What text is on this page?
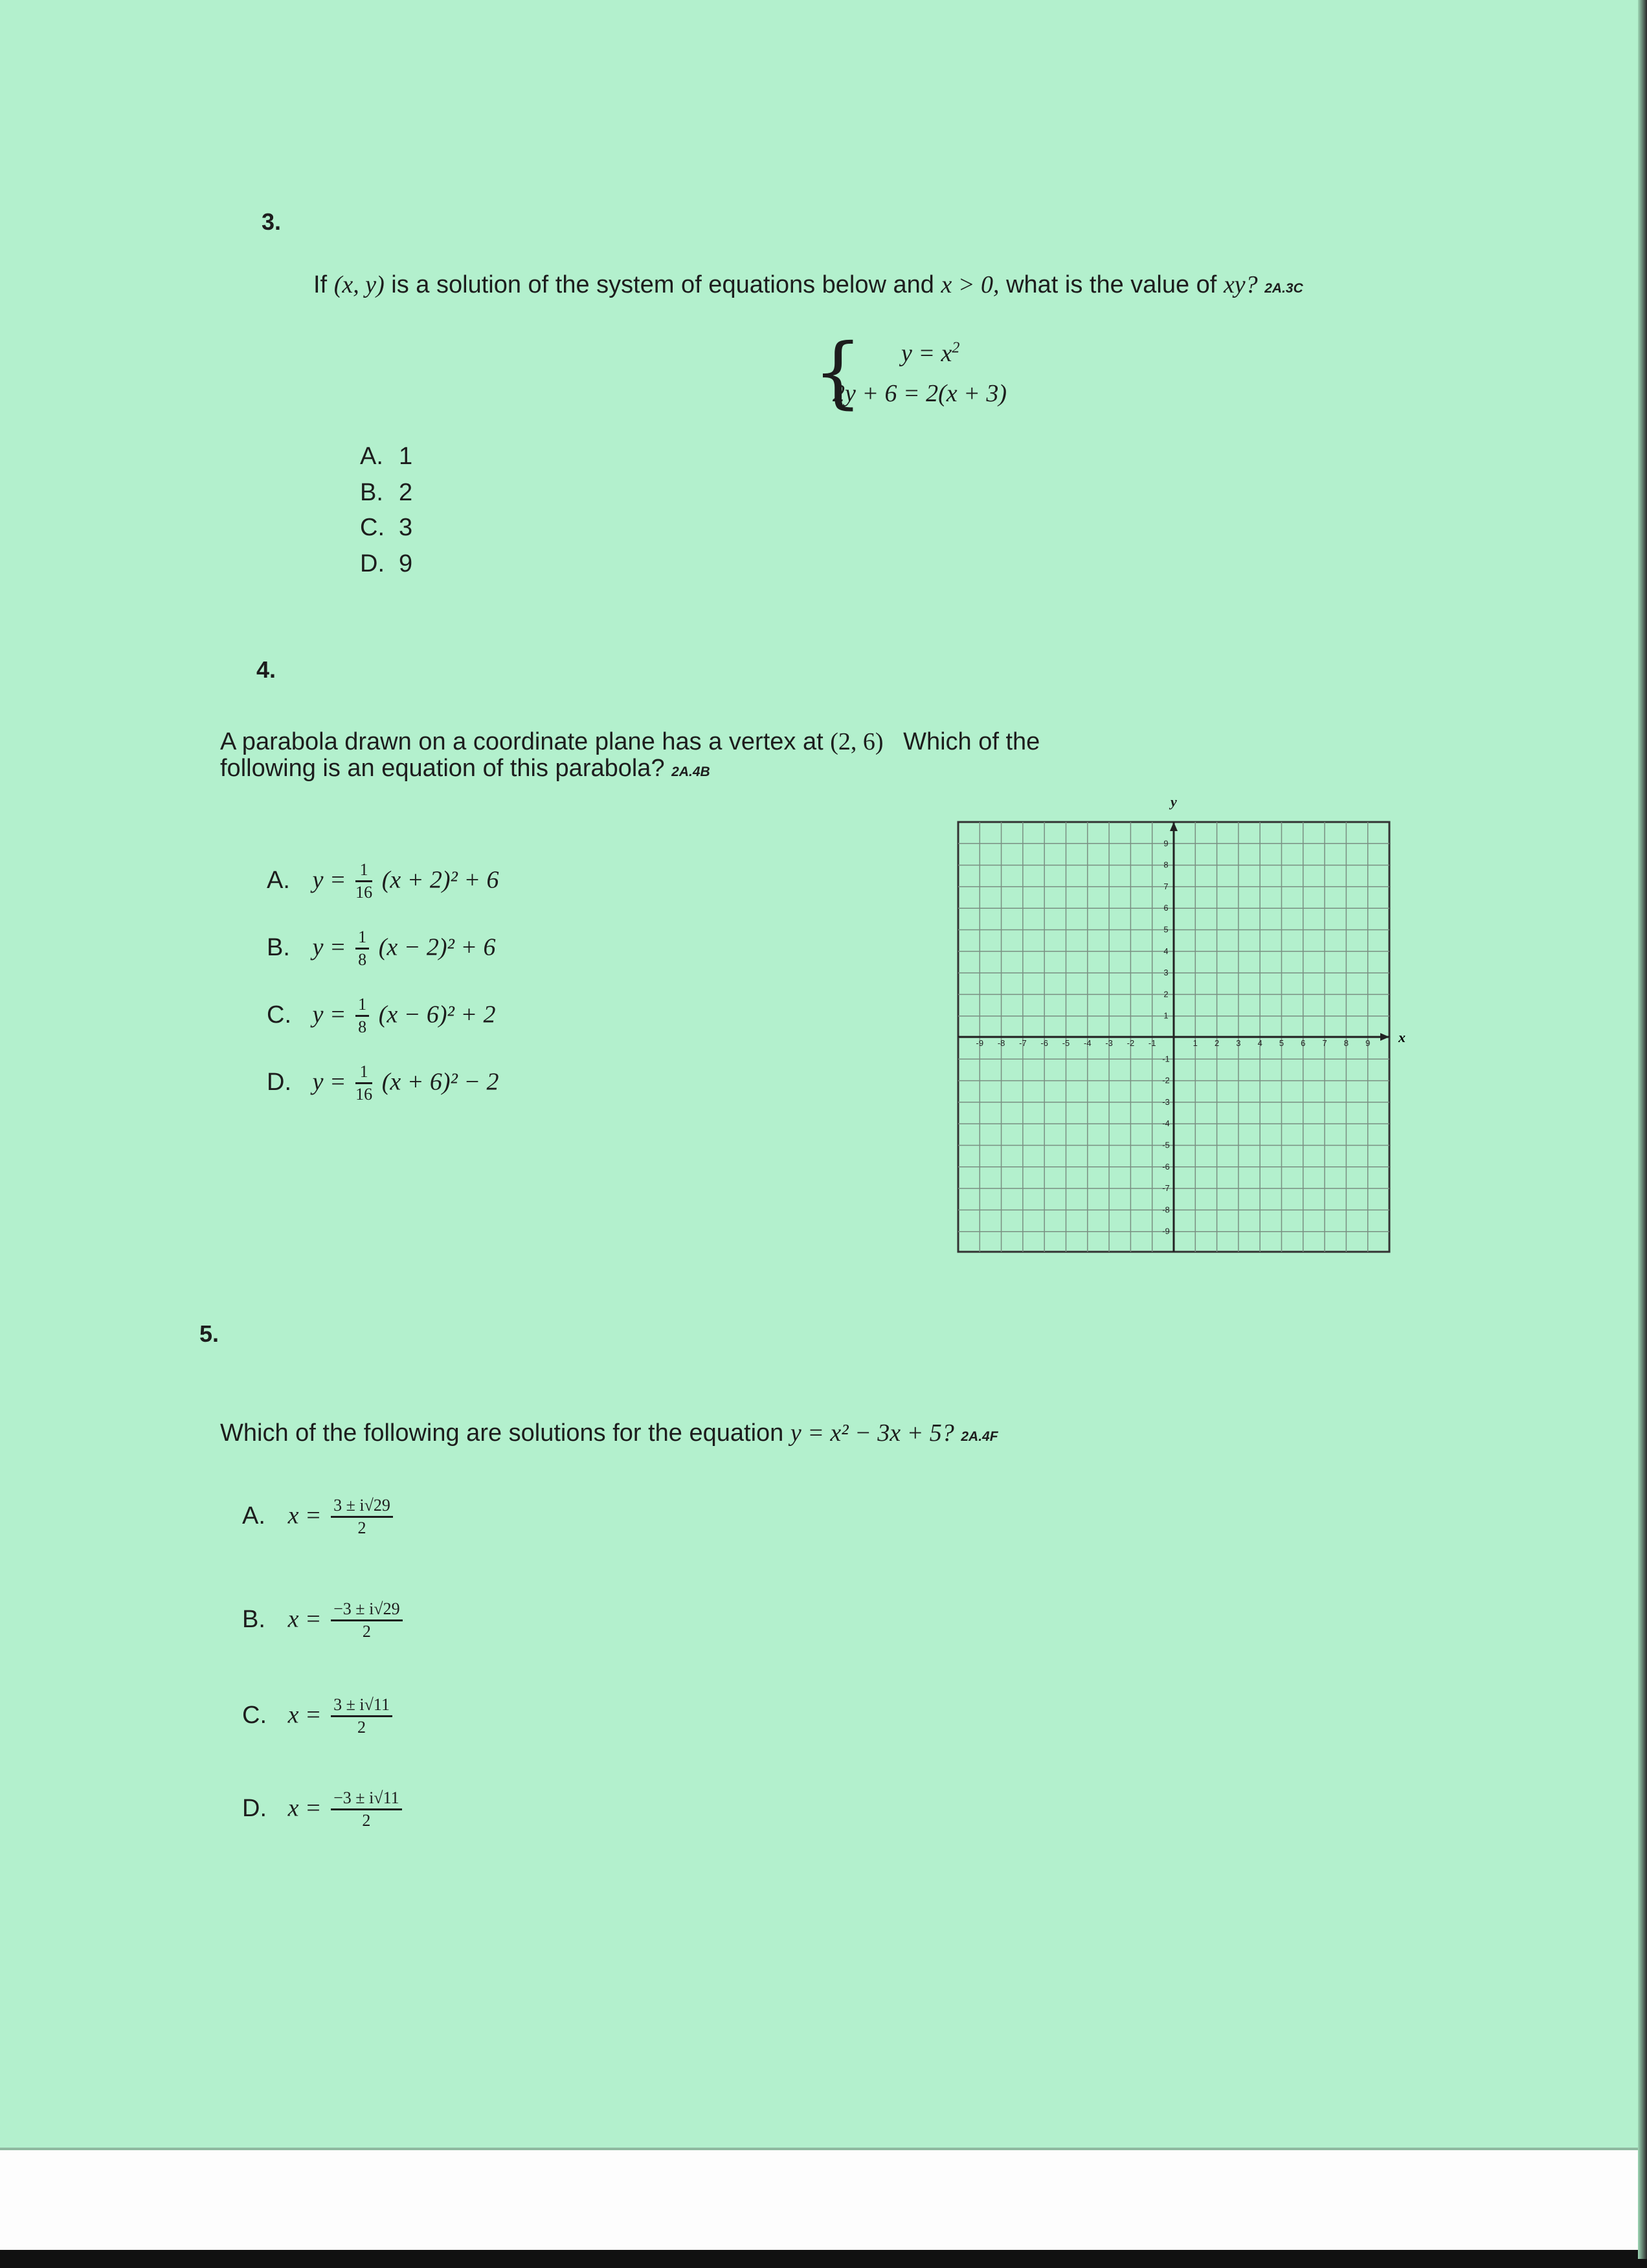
3.
If (x, y) is a solution of the system of equations below and x > 0, what is the value of xy? 2A.3C
{ $y = x^2$
2y + 6 = 2(x + 3)
A. 1
B. 2
C. 3
D. 9
4.
A parabola drawn on a coordinate plane has a vertex at (2, 6) Which of the
following is an equation of this parabola? 2A.4B
A. $y = \frac{1}{16} (x + 2)^2 + 6$
B. $y = \frac{1}{8} (x - 2)^2 + 6$
C. $y = \frac{1}{8} (x - 6)^2 + 2$
D. $y = \frac{1}{16} (x + 6)^2 - 2$
-9 -8 -7 -6 -5 -4 -3 -2 -1	1 2 3 4 5 6 7 8 9
9
8
7
6
5
4
3
2
1
-1
-2
-3
-4
-5
-6
-7
-8
-9
x
y
5.
Which of the following are solutions for the equation y = x² − 3x + 5? 2A.4F
A. $x = \frac{3 \pm i√29}{2}$
B. $x = \frac{-3 \pm i√29}{2}$
C. $x = \frac{3 \pm i√11}{2}$
D. $x = \frac{-3 \pm i√11}{2}$
